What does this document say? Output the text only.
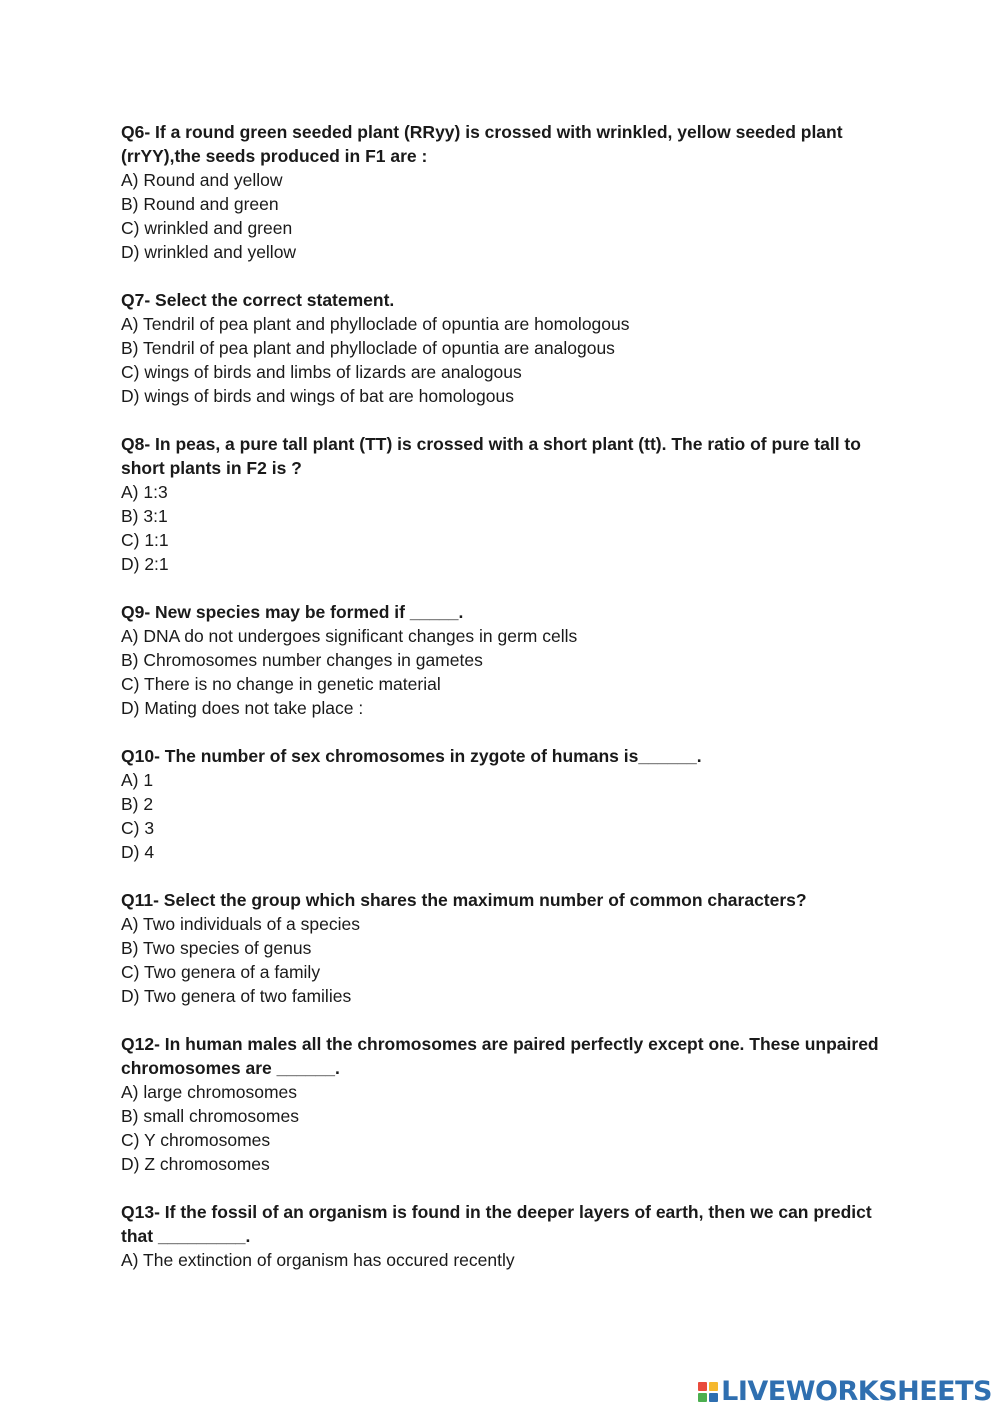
Q6- If a round green seeded plant (RRyy) is crossed with wrinkled, yellow seeded plant (rrYY),the seeds produced in F1 are :

A) Round and yellow

B) Round and green

C) wrinkled and green

D) wrinkled and yellow

Q7- Select the correct statement.

A) Tendril of pea plant and phylloclade of opuntia are homologous

B) Tendril of pea plant and phylloclade of opuntia are analogous

C) wings of birds and limbs of lizards are analogous

D) wings of birds and wings of bat are homologous

Q8- In peas, a pure tall plant (TT) is crossed with a short plant (tt). The ratio of pure tall to short plants in F2 is ?

A) 1:3

B) 3:1

C) 1:1

D) 2:1

Q9- New species may be formed if _____.

A) DNA do not undergoes significant changes in germ cells

B) Chromosomes number changes in gametes

C) There is no change in genetic material

D) Mating does not take place :

Q10- The number of sex chromosomes in zygote of humans is______.

A) 1

B) 2

C) 3

D) 4

Q11- Select the group which shares the maximum number of common characters?

A) Two individuals of a species

B) Two species of genus

C) Two genera of a family

D) Two genera of two families

Q12- In human males all the chromosomes are paired perfectly except one. These unpaired chromosomes are ______.

A) large chromosomes

B) small chromosomes

C) Y chromosomes

D) Z chromosomes

Q13- If the fossil of an organism is found in the deeper layers of earth, then we can predict that _________.

A) The extinction of organism has occured recently

LIVEWORKSHEETS
